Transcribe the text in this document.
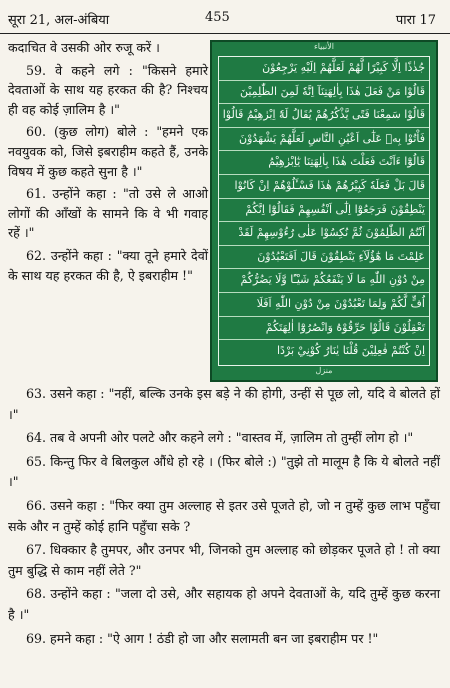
सूरा 21, अल-अंबिया	455	पारा 17

कदाचित वे उसकी ओर रुजू करें ।

59. वे कहने लगे : "किसने हमारे देवताओं के साथ यह हरकत की है? निश्चय ही वह कोई ज़ालिम है ।"

60. (कुछ लोग) बोले : "हमने एक नवयुवक को, जिसे इबराहीम कहते हैं, उनके विषय में कुछ कहते सुना है ।"

61. उन्होंने कहा : "तो उसे ले आओ लोगों की आँखों के सामने कि वे भी गवाह रहें ।"

62. उन्होंने कहा : "क्या तूने हमारे देवों के साथ यह हरकत की है, ऐ इबराहीम !"

الأنبياء
جُذٰذًا اِلَّا كَبِيْرًا لَّهُمْ لَعَلَّهُمْ اِلَيْهِ يَرْجِعُوْنَ
قَالُوْا مَنْ فَعَلَ هٰذَا بِاٰلِهَتِنَآ اِنَّهٗ لَمِنَ الظّٰلِمِيْنَ
قَالُوْا سَمِعْنَا فَتًى يَّذْكُرُهُمْ يُقَالُ لَهٗٓ اِبْرٰهِيْمُ قَالُوْا
فَاْتُوْا بِهٖ عَلٰٓى اَعْيُنِ النَّاسِ لَعَلَّهُمْ يَشْهَدُوْنَ
قَالُوْٓا ءَاَنْتَ فَعَلْتَ هٰذَا بِاٰلِهَتِنَا يٰٓاِبْرٰهِيْمُ
قَالَ بَلْ فَعَلَهٗ كَبِيْرُهُمْ هٰذَا فَسْـَٔلُوْهُمْ اِنْ كَانُوْا
يَنْطِقُوْنَ فَرَجَعُوْٓا اِلٰٓى اَنْفُسِهِمْ فَقَالُوْٓا اِنَّكُمْ
اَنْتُمُ الظّٰلِمُوْنَ ثُمَّ نُكِسُوْا عَلٰى رُءُوْسِهِمْ لَقَدْ
عَلِمْتَ مَا هٰٓؤُلَآءِ يَنْطِقُوْنَ قَالَ اَفَتَعْبُدُوْنَ
مِنْ دُوْنِ اللّٰهِ مَا لَا يَنْفَعُكُمْ شَيْـًٔا وَّلَا يَضُرُّكُمْ
اُفٍّ لَّكُمْ وَلِمَا تَعْبُدُوْنَ مِنْ دُوْنِ اللّٰهِ اَفَلَا
تَعْقِلُوْنَ قَالُوْا حَرِّقُوْهُ وَانْصُرُوْٓا اٰلِهَتَكُمْ
اِنْ كُنْتُمْ فٰعِلِيْنَ قُلْنَا يٰنَارُ كُوْنِيْ بَرْدًا
منزل

63. उसने कहा : "नहीं, बल्कि उनके इस बड़े ने की होगी, उन्हीं से पूछ लो, यदि वे बोलते हों ।"

64. तब वे अपनी ओर पलटे और कहने लगे : "वास्तव में, ज़ालिम तो तुम्हीं लोग हो ।"

65. किन्तु फिर वे बिलकुल औंधे हो रहे । (फिर बोले :) "तुझे तो मालूम है कि ये बोलते नहीं ।"

66. उसने कहा : "फिर क्या तुम अल्लाह से इतर उसे पूजते हो, जो न तुम्हें कुछ लाभ पहुँचा सके और न तुम्हें कोई हानि पहुँचा सके ?

67. धिक्कार है तुमपर, और उनपर भी, जिनको तुम अल्लाह को छोड़कर पूजते हो ! तो क्या तुम बुद्धि से काम नहीं लेते ?"

68. उन्होंने कहा : "जला दो उसे, और सहायक हो अपने देवताओं के, यदि तुम्हें कुछ करना है ।"

69. हमने कहा : "ऐ आग ! ठंडी हो जा और सलामती बन जा इबराहीम पर !"
